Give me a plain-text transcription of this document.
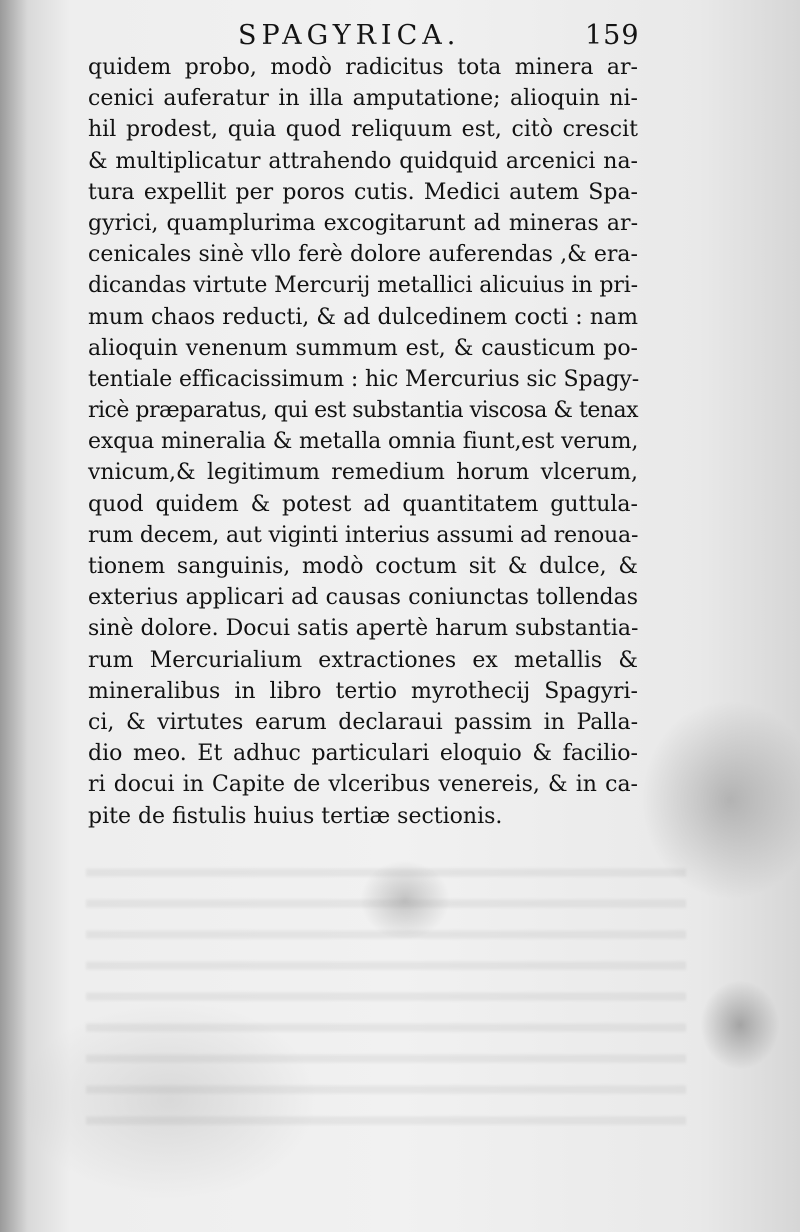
SPAGYRICA.	159
quidem probo, modò radicitus tota minera ar-
cenici auferatur in illa amputatione; alioquin ni-
hil prodest, quia quod reliquum est, citò crescit
& multiplicatur attrahendo quidquid arcenici na-
tura expellit per poros cutis. Medici autem Spa-
gyrici, quamplurima excogitarunt ad mineras ar-
cenicales sinè vllo ferè dolore auferendas ,& era-
dicandas virtute Mercurij metallici alicuius in pri-
mum chaos reducti, & ad dulcedinem cocti : nam
alioquin venenum summum est, & causticum po-
tentiale efficacissimum : hic Mercurius sic Spagy-
ricè præparatus, qui est substantia viscosa & tenax
exqua mineralia & metalla omnia fiunt,est verum,
vnicum,& legitimum remedium horum vlcerum,
quod quidem & potest ad quantitatem guttula-
rum decem, aut viginti interius assumi ad renoua-
tionem sanguinis, modò coctum sit & dulce, &
exterius applicari ad causas coniunctas tollendas
sinè dolore. Docui satis apertè harum substantia-
rum Mercurialium extractiones ex metallis &
mineralibus in libro tertio myrothecij Spagyri-
ci, & virtutes earum declaraui passim in Palla-
dio meo. Et adhuc particulari eloquio & facilio-
ri docui in Capite de vlceribus venereis, & in ca-
pite de fistulis huius tertiæ sectionis.
